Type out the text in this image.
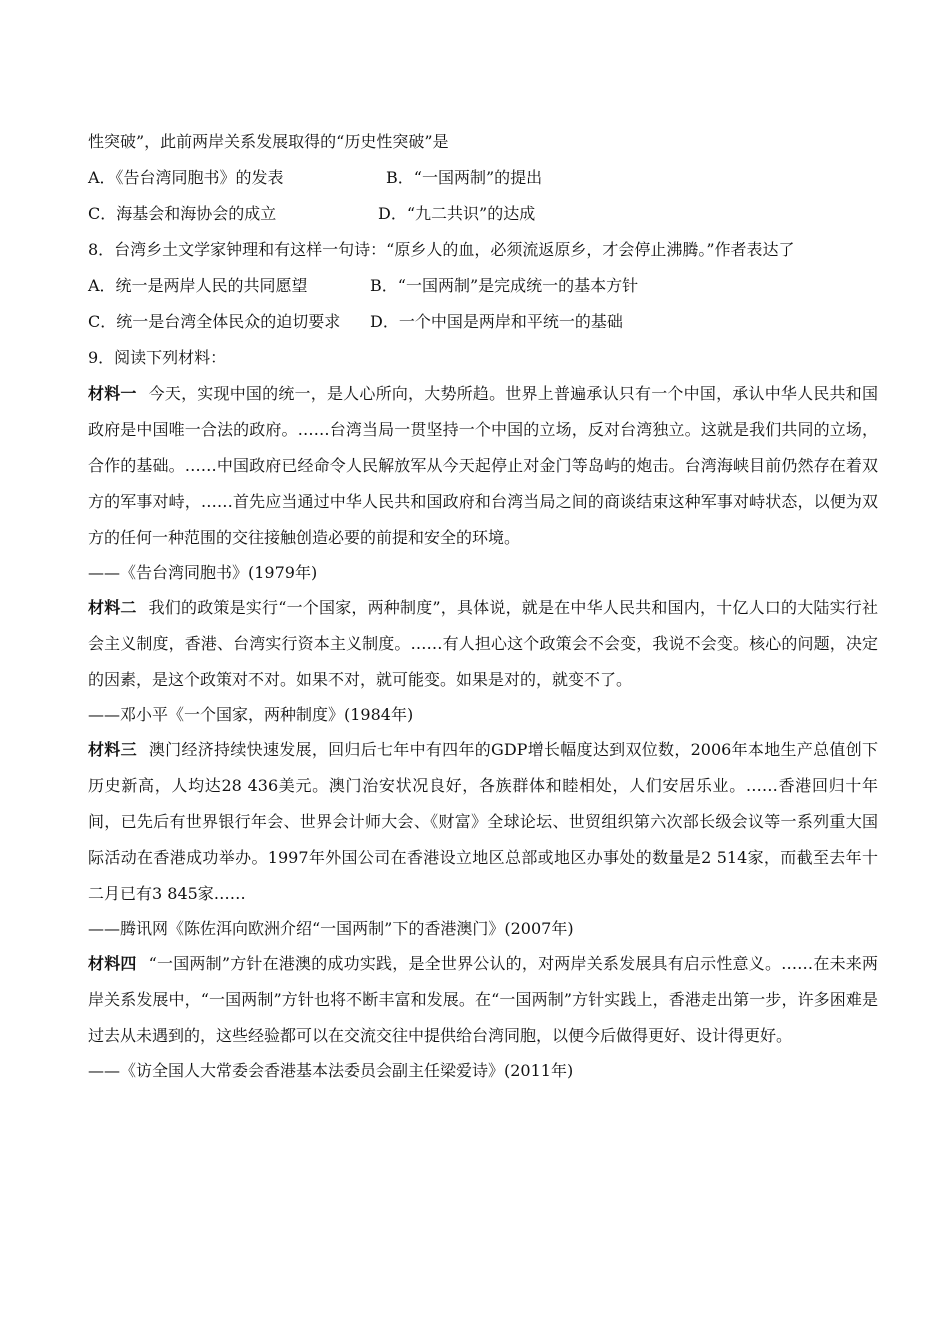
性突破”，此前两岸关系发展取得的“历史性突破”是
A．《告台湾同胞书》的发表	B．“一国两制”的提出
C．海基会和海协会的成立	D．“九二共识”的达成
8．台湾乡土文学家钟理和有这样一句诗：“原乡人的血，必须流返原乡，才会停止沸腾。”作者表达了
A．统一是两岸人民的共同愿望	B．“一国两制”是完成统一的基本方针
C．统一是台湾全体民众的迫切要求 D．一个中国是两岸和平统一的基础
9．阅读下列材料：

材料一 今天，实现中国的统一，是人心所向，大势所趋。世界上普遍承认只有一个中国，承认中华人民共和国政府是中国唯一合法的政府。……台湾当局一贯坚持一个中国的立场，反对台湾独立。这就是我们共同的立场，合作的基础。……中国政府已经命令人民解放军从今天起停止对金门等岛屿的炮击。台湾海峡目前仍然存在着双方的军事对峙，……首先应当通过中华人民共和国政府和台湾当局之间的商谈结束这种军事对峙状态，以便为双方的任何一种范围的交往接触创造必要的前提和安全的环境。

——《告台湾同胞书》(1979年)

材料二 我们的政策是实行“一个国家，两种制度”，具体说，就是在中华人民共和国内，十亿人口的大陆实行社会主义制度，香港、台湾实行资本主义制度。……有人担心这个政策会不会变，我说不会变。核心的问题，决定的因素，是这个政策对不对。如果不对，就可能变。如果是对的，就变不了。

——邓小平《一个国家，两种制度》(1984年)

材料三 澳门经济持续快速发展，回归后七年中有四年的GDP增长幅度达到双位数，2006年本地生产总值创下历史新高，人均达28 436美元。澳门治安状况良好，各族群体和睦相处，人们安居乐业。……香港回归十年间，已先后有世界银行年会、世界会计师大会、《财富》全球论坛、世贸组织第六次部长级会议等一系列重大国际活动在香港成功举办。1997年外国公司在香港设立地区总部或地区办事处的数量是2 514家，而截至去年十二月已有3 845家……

——腾讯网《陈佐洱向欧洲介绍“一国两制”下的香港澳门》(2007年)

材料四 “一国两制”方针在港澳的成功实践，是全世界公认的，对两岸关系发展具有启示性意义。……在未来两岸关系发展中，“一国两制”方针也将不断丰富和发展。在“一国两制”方针实践上，香港走出第一步，许多困难是过去从未遇到的，这些经验都可以在交流交往中提供给台湾同胞，以便今后做得更好、设计得更好。

——《访全国人大常委会香港基本法委员会副主任梁爱诗》(2011年)
